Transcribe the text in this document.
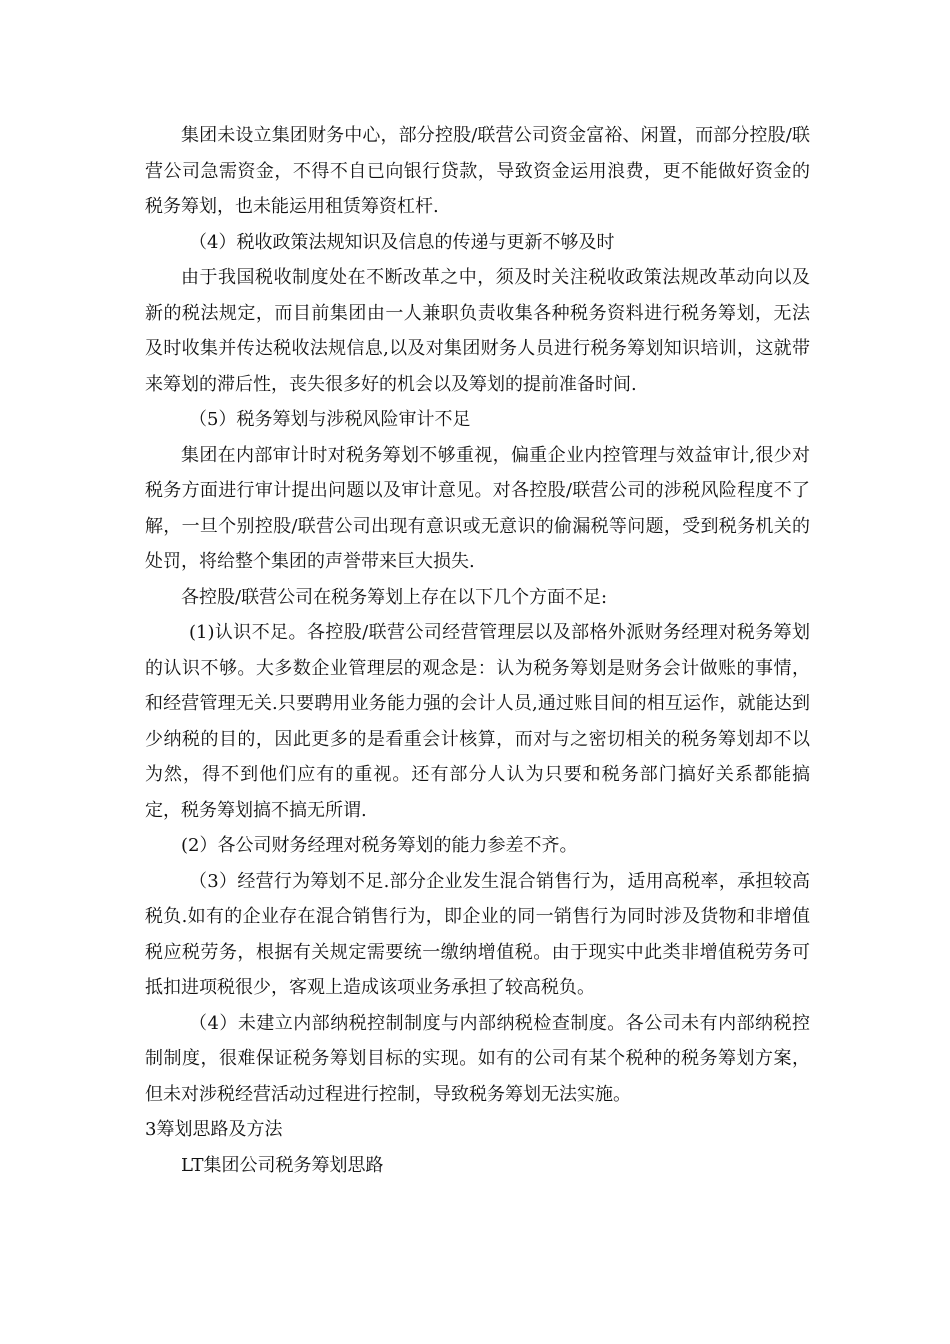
集团未设立集团财务中心，部分控股/联营公司资金富裕、闲置，而部分控股/联营公司急需资金，不得不自已向银行贷款，导致资金运用浪费，更不能做好资金的税务筹划，也未能运用租赁筹资杠杆.

（4）税收政策法规知识及信息的传递与更新不够及时

由于我国税收制度处在不断改革之中，须及时关注税收政策法规改革动向以及新的税法规定，而目前集团由一人兼职负责收集各种税务资料进行税务筹划，无法及时收集并传达税收法规信息,以及对集团财务人员进行税务筹划知识培训，这就带来筹划的滞后性，丧失很多好的机会以及筹划的提前准备时间.

（5）税务筹划与涉税风险审计不足

集团在内部审计时对税务筹划不够重视，偏重企业内控管理与效益审计,很少对税务方面进行审计提出问题以及审计意见。对各控股/联营公司的涉税风险程度不了解，一旦个别控股/联营公司出现有意识或无意识的偷漏税等问题，受到税务机关的处罚，将给整个集团的声誉带来巨大损失.

各控股/联营公司在税务筹划上存在以下几个方面不足:

(1)认识不足。各控股/联营公司经营管理层以及部格外派财务经理对税务筹划的认识不够。大多数企业管理层的观念是：认为税务筹划是财务会计做账的事情，和经营管理无关.只要聘用业务能力强的会计人员,通过账目间的相互运作，就能达到少纳税的目的，因此更多的是看重会计核算，而对与之密切相关的税务筹划却不以为然，得不到他们应有的重视。还有部分人认为只要和税务部门搞好关系都能搞定，税务筹划搞不搞无所谓.

(2）各公司财务经理对税务筹划的能力参差不齐。

（3）经营行为筹划不足.部分企业发生混合销售行为，适用高税率，承担较高税负.如有的企业存在混合销售行为，即企业的同一销售行为同时涉及货物和非增值税应税劳务，根据有关规定需要统一缴纳增值税。由于现实中此类非增值税劳务可抵扣进项税很少，客观上造成该项业务承担了较高税负。

（4）未建立内部纳税控制制度与内部纳税检查制度。各公司未有内部纳税控制制度，很难保证税务筹划目标的实现。如有的公司有某个税种的税务筹划方案，但未对涉税经营活动过程进行控制，导致税务筹划无法实施。

3筹划思路及方法

LT集团公司税务筹划思路
